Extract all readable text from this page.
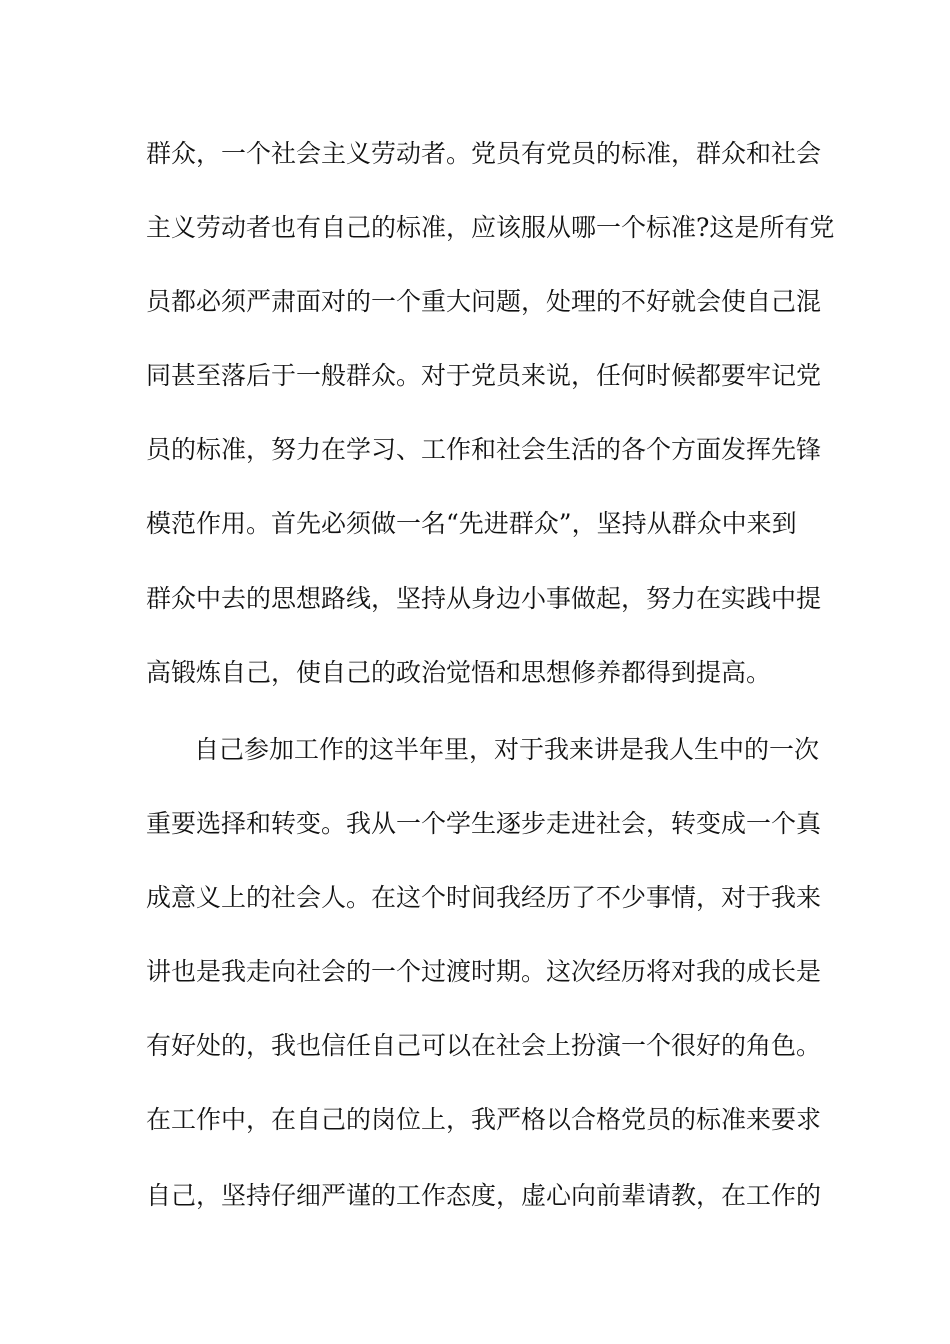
群众，一个社会主义劳动者。党员有党员的标准，群众和社会
主义劳动者也有自己的标准，应该服从哪一个标准?这是所有党
员都必须严肃面对的一个重大问题，处理的不好就会使自己混
同甚至落后于一般群众。对于党员来说，任何时候都要牢记党
员的标准，努力在学习、工作和社会生活的各个方面发挥先锋
模范作用。首先必须做一名“先进群众”，坚持从群众中来到
群众中去的思想路线，坚持从身边小事做起，努力在实践中提
高锻炼自己，使自己的政治觉悟和思想修养都得到提高。
自己参加工作的这半年里，对于我来讲是我人生中的一次
重要选择和转变。我从一个学生逐步走进社会，转变成一个真
成意义上的社会人。在这个时间我经历了不少事情，对于我来
讲也是我走向社会的一个过渡时期。这次经历将对我的成长是
有好处的，我也信任自己可以在社会上扮演一个很好的角色。
在工作中，在自己的岗位上，我严格以合格党员的标准来要求
自己，坚持仔细严谨的工作态度，虚心向前辈请教，在工作的
